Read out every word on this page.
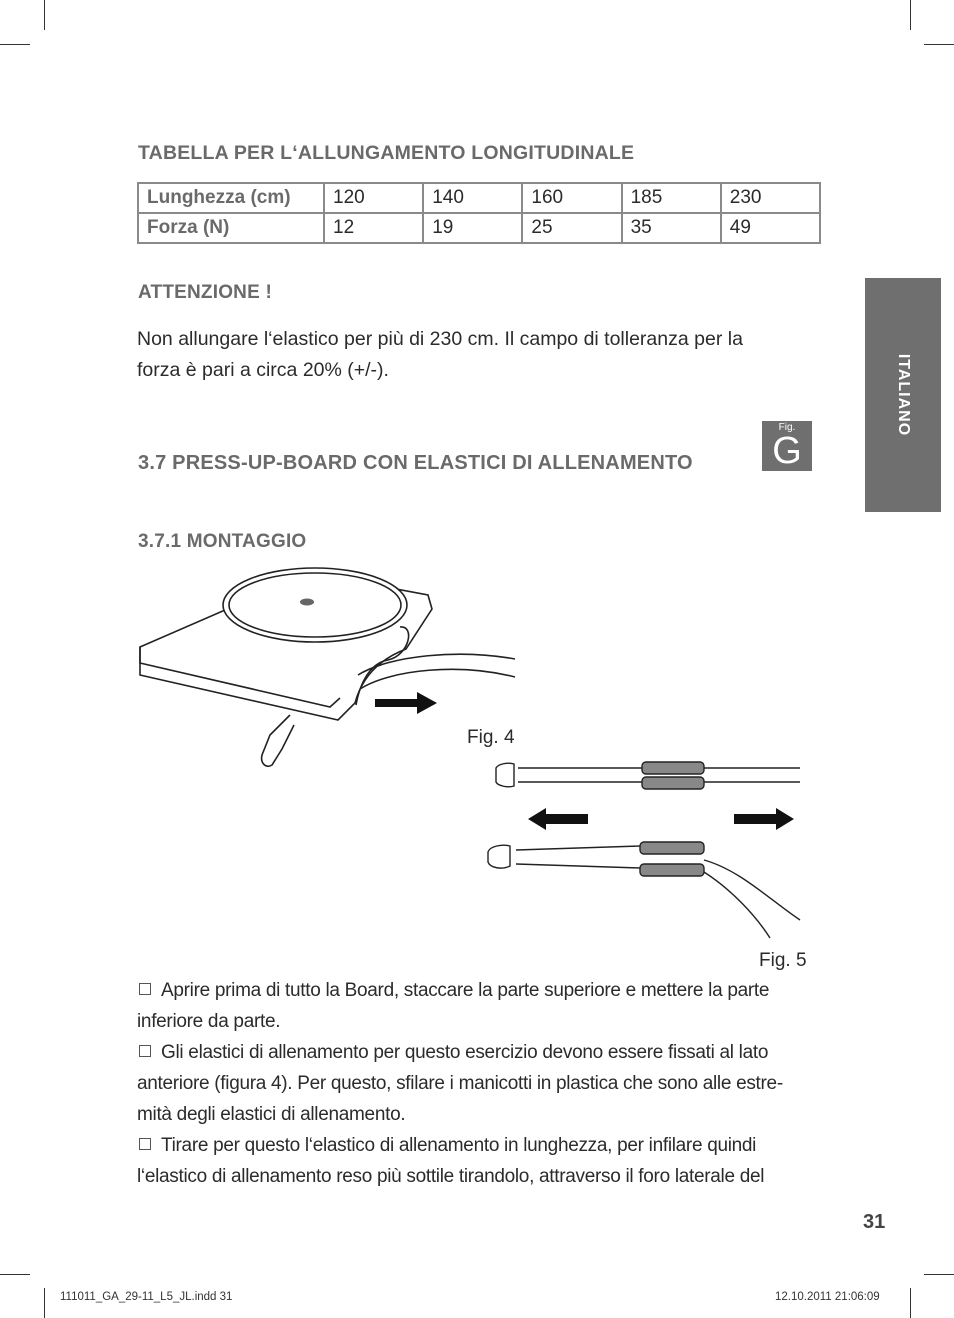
TABELLA PER L‘ALLUNGAMENTO LONGITUDINALE
Lunghezza (cm)	120	140	160	185	230
Forza (N)	12	19	25	35	49
ATTENZIONE !
Non allungare l‘elastico per più di 230 cm. Il campo di tolleranza per la
forza è pari a circa 20% (+/-).
3.7 PRESS-UP-BOARD CON ELASTICI DI ALLENAMENTO
Fig.
G
ITALIANO
3.7.1 MONTAGGIO
Fig. 4
Fig. 5
Aprire prima di tutto la Board, staccare la parte superiore e mettere la parte
inferiore da parte.
Gli elastici di allenamento per questo esercizio devono essere fissati al lato
anteriore (figura 4). Per questo, sfilare i manicotti in plastica che sono alle estre-
mità degli elastici di allenamento.
Tirare per questo l‘elastico di allenamento in lunghezza, per infilare quindi
l‘elastico di allenamento reso più sottile tirandolo, attraverso il foro laterale del
31
111011_GA_29-11_L5_JL.indd 31	12.10.2011 21:06:09
